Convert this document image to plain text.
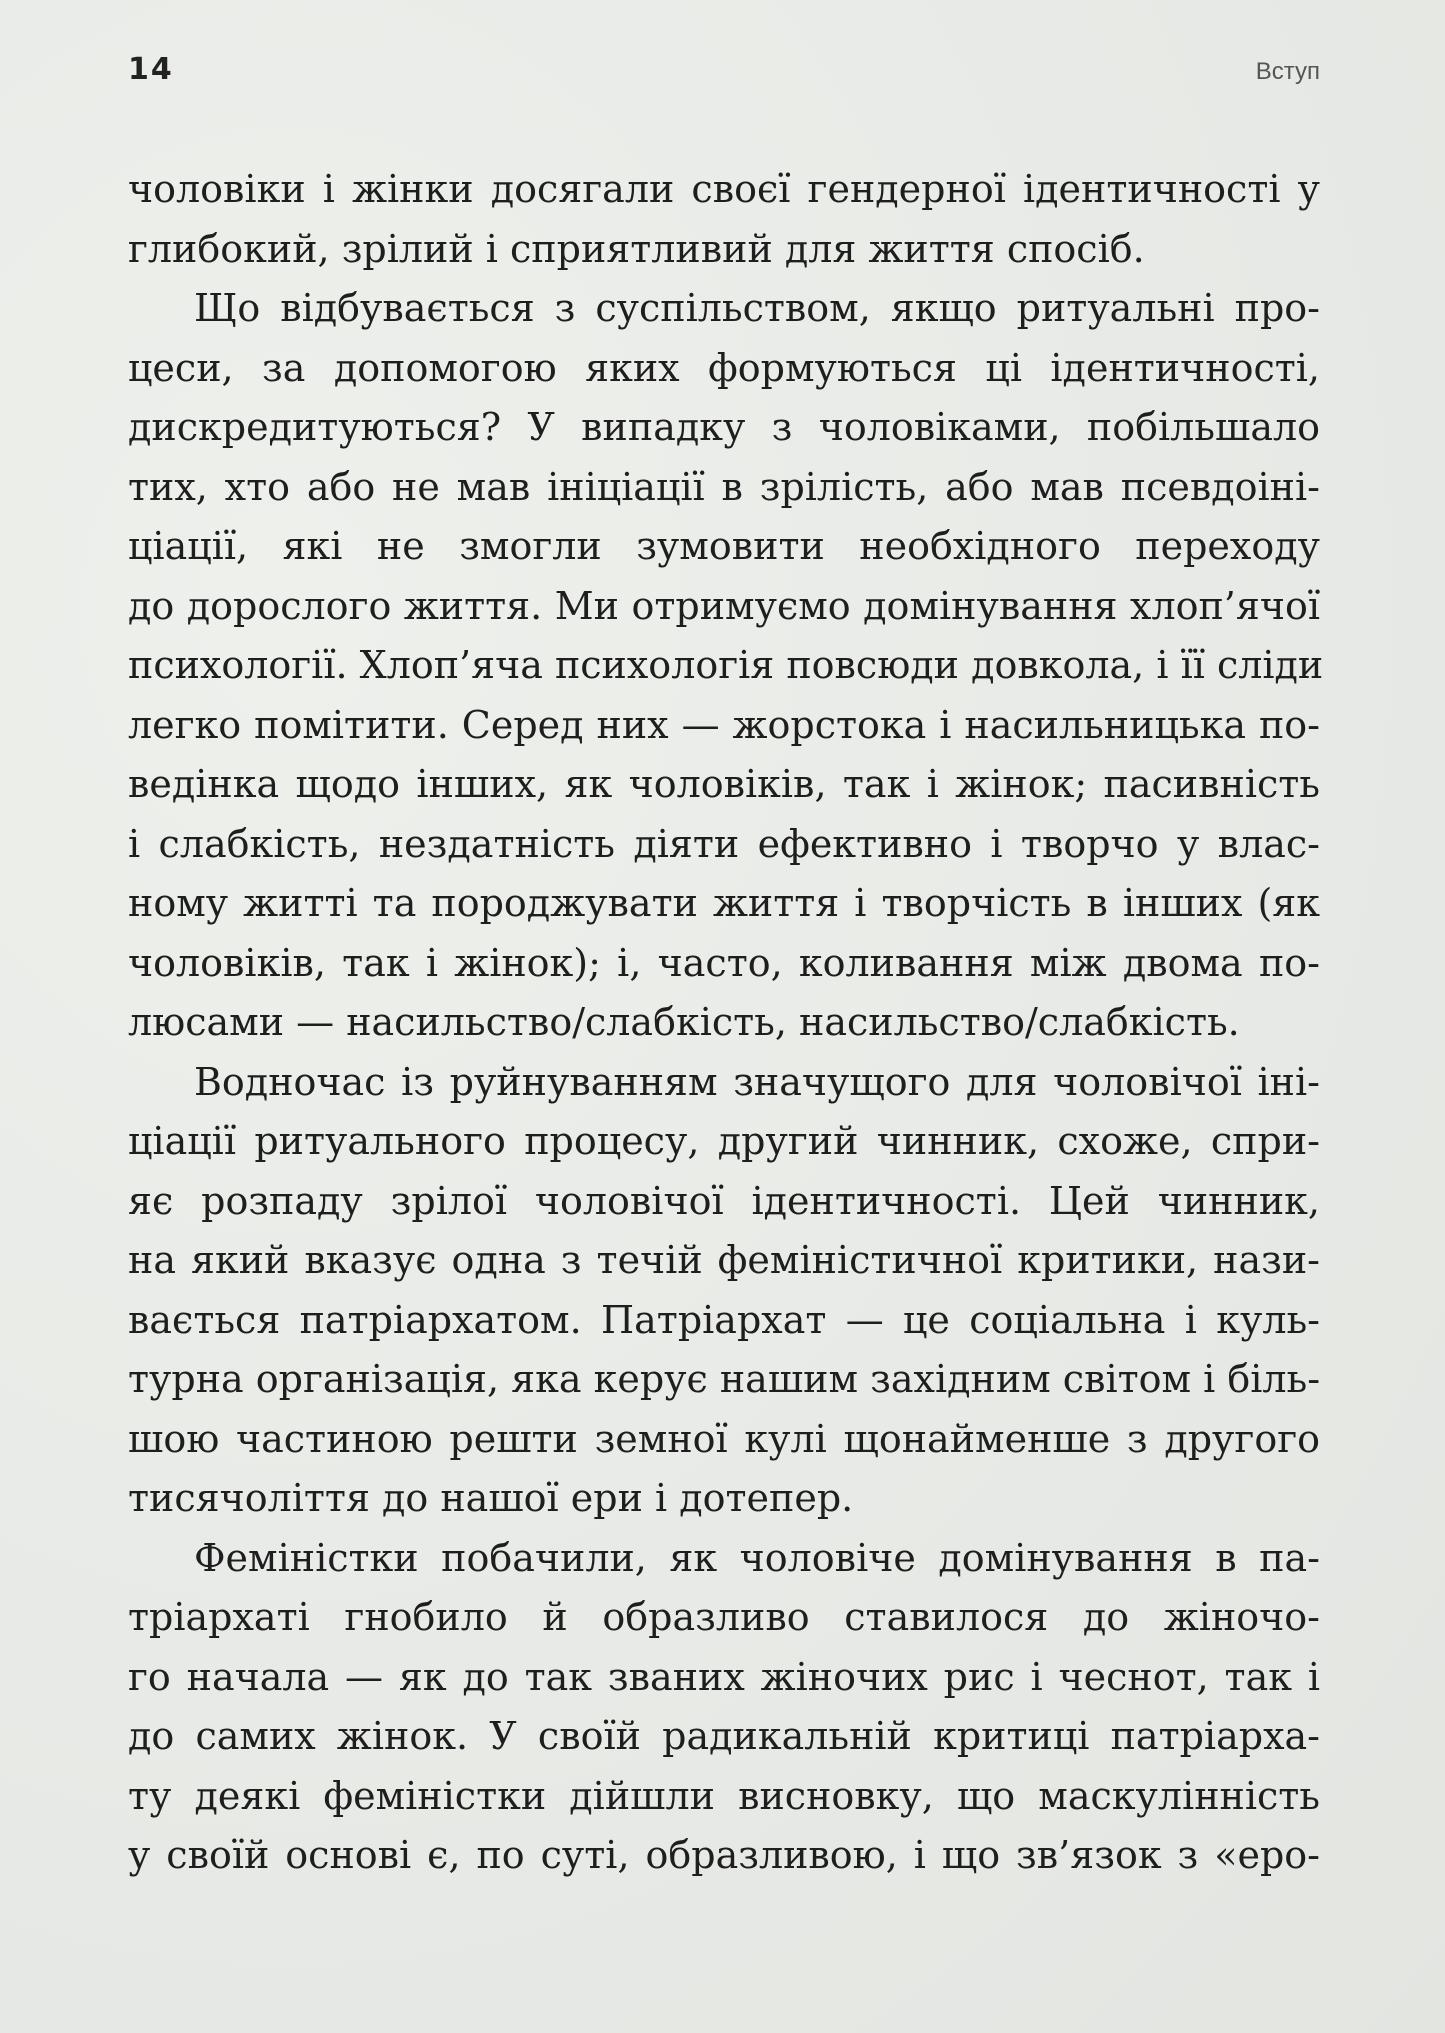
14	Вступ
чоловіки і жінки досягали своєї гендерної ідентичності у
глибокий, зрілий і сприятливий для життя спосіб.
Що відбувається з суспільством, якщо ритуальні про-
цеси, за допомогою яких формуються ці ідентичності,
дискредитуються? У випадку з чоловіками, побільшало
тих, хто або не мав ініціації в зрілість, або мав псевдоіні-
ціації, які не змогли зумовити необхідного переходу
до дорослого життя. Ми отримуємо домінування хлоп’ячої
психології. Хлоп’яча психологія повсюди довкола, і її сліди
легко помітити. Серед них — жорстока і насильницька по-
ведінка щодо інших, як чоловіків, так і жінок; пасивність
і слабкість, нездатність діяти ефективно і творчо у влас-
ному житті та породжувати життя і творчість в інших (як
чоловіків, так і жінок); і, часто, коливання між двома по-
люсами — насильство/слабкість, насильство/слабкість.
Водночас із руйнуванням значущого для чоловічої іні-
ціації ритуального процесу, другий чинник, схоже, спри-
яє розпаду зрілої чоловічої ідентичності. Цей чинник,
на який вказує одна з течій феміністичної критики, нази-
вається патріархатом. Патріархат — це соціальна і куль-
турна організація, яка керує нашим західним світом і біль-
шою частиною решти земної кулі щонайменше з другого
тисячоліття до нашої ери і дотепер.
Феміністки побачили, як чоловіче домінування в па-
тріархаті гнобило й образливо ставилося до жіночо-
го начала — як до так званих жіночих рис і чеснот, так і
до самих жінок. У своїй радикальній критиці патріарха-
ту деякі феміністки дійшли висновку, що маскулінність
у своїй основі є, по суті, образливою, і що зв’язок з «еро-
